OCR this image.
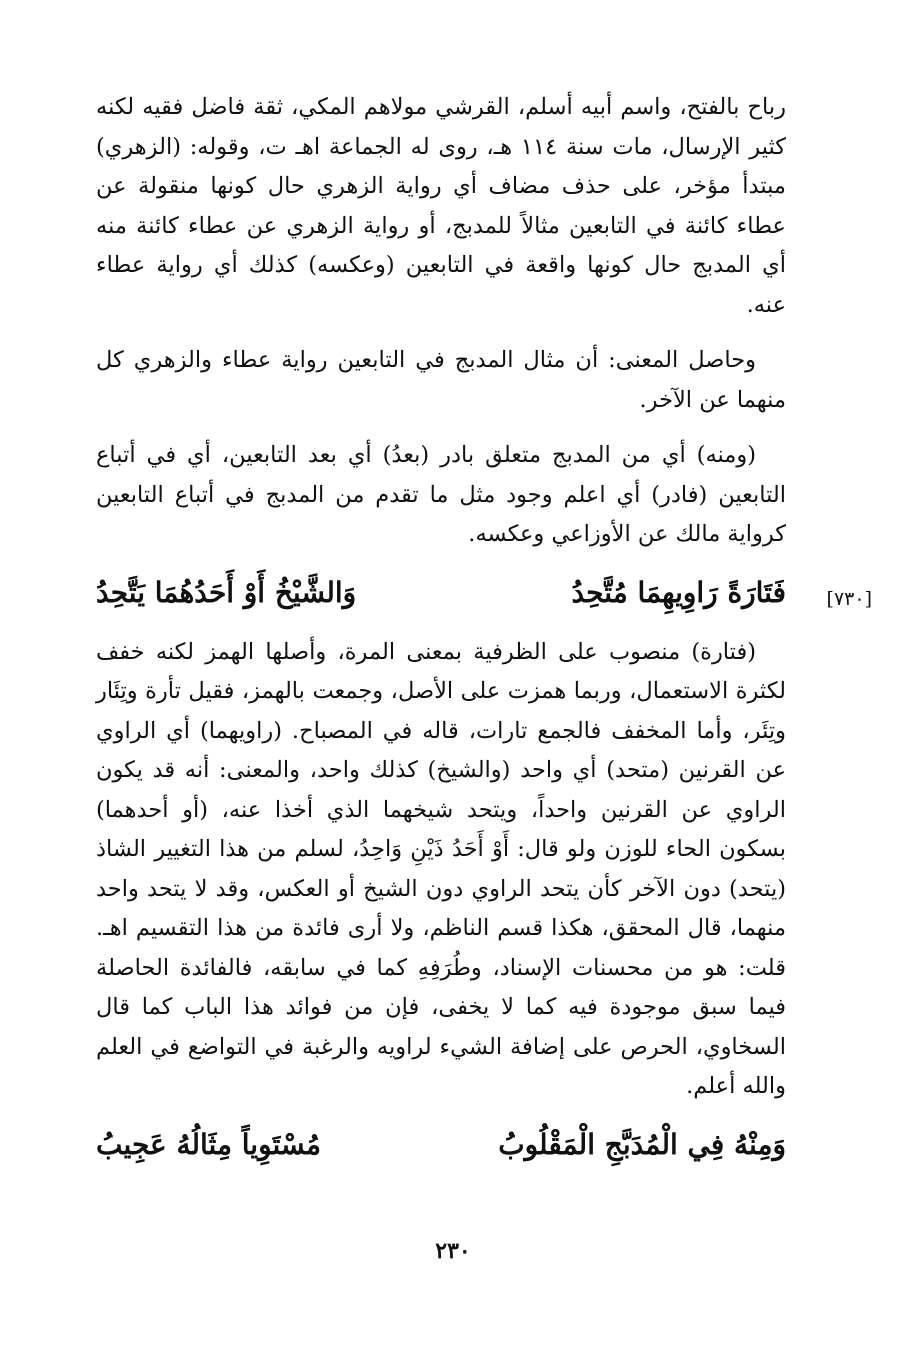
رباح بالفتح، واسم أبيه أسلم، القرشي مولاهم المكي، ثقة فاضل فقيه لكنه كثير الإرسال، مات سنة ١١٤ هـ، روى له الجماعة اهـ ت، وقوله: (الزهري) مبتدأ مؤخر، على حذف مضاف أي رواية الزهري حال كونها منقولة عن عطاء كائنة في التابعين مثالاً للمدبج، أو رواية الزهري عن عطاء كائنة منه أي المدبج حال كونها واقعة في التابعين (وعكسه) كذلك أي رواية عطاء عنه.

وحاصل المعنى: أن مثال المدبج في التابعين رواية عطاء والزهري كل منهما عن الآخر.

(ومنه) أي من المدبج متعلق بادر (بعدُ) أي بعد التابعين، أي في أتباع التابعين (فادر) أي اعلم وجود مثل ما تقدم من المدبج في أتباع التابعين كرواية مالك عن الأوزاعي وعكسه.

[٧٣٠]
فَتَارَةً رَاوِيهِمَا مُتَّحِدُ
وَالشَّيْخُ أَوْ أَحَدُهُمَا يَتَّحِدُ

(فتارة) منصوب على الظرفية بمعنى المرة، وأصلها الهمز لكنه خفف لكثرة الاستعمال، وربما همزت على الأصل، وجمعت بالهمز، فقيل تأرة وتِئَار وتِئَر، وأما المخفف فالجمع تارات، قاله في المصباح. (راويهما) أي الراوي عن القرنين (متحد) أي واحد (والشيخ) كذلك واحد، والمعنى: أنه قد يكون الراوي عن القرنين واحداً، ويتحد شيخهما الذي أخذا عنه، (أو أحدهما) بسكون الحاء للوزن ولو قال: أَوْ أَحَدُ ذَيْنِ وَاحِدُ، لسلم من هذا التغيير الشاذ (يتحد) دون الآخر كأن يتحد الراوي دون الشيخ أو العكس، وقد لا يتحد واحد منهما، قال المحقق، هكذا قسم الناظم، ولا أرى فائدة من هذا التقسيم اهـ. قلت: هو من محسنات الإسناد، وطُرَفِهِ كما في سابقه، فالفائدة الحاصلة فيما سبق موجودة فيه كما لا يخفى، فإن من فوائد هذا الباب كما قال السخاوي، الحرص على إضافة الشيء لراويه والرغبة في التواضع في العلم والله أعلم.

وَمِنْهُ فِي الْمُدَبَّجِ الْمَقْلُوبُ
مُسْتَوِياً مِثَالُهُ عَجِيبُ
٢٣٠
